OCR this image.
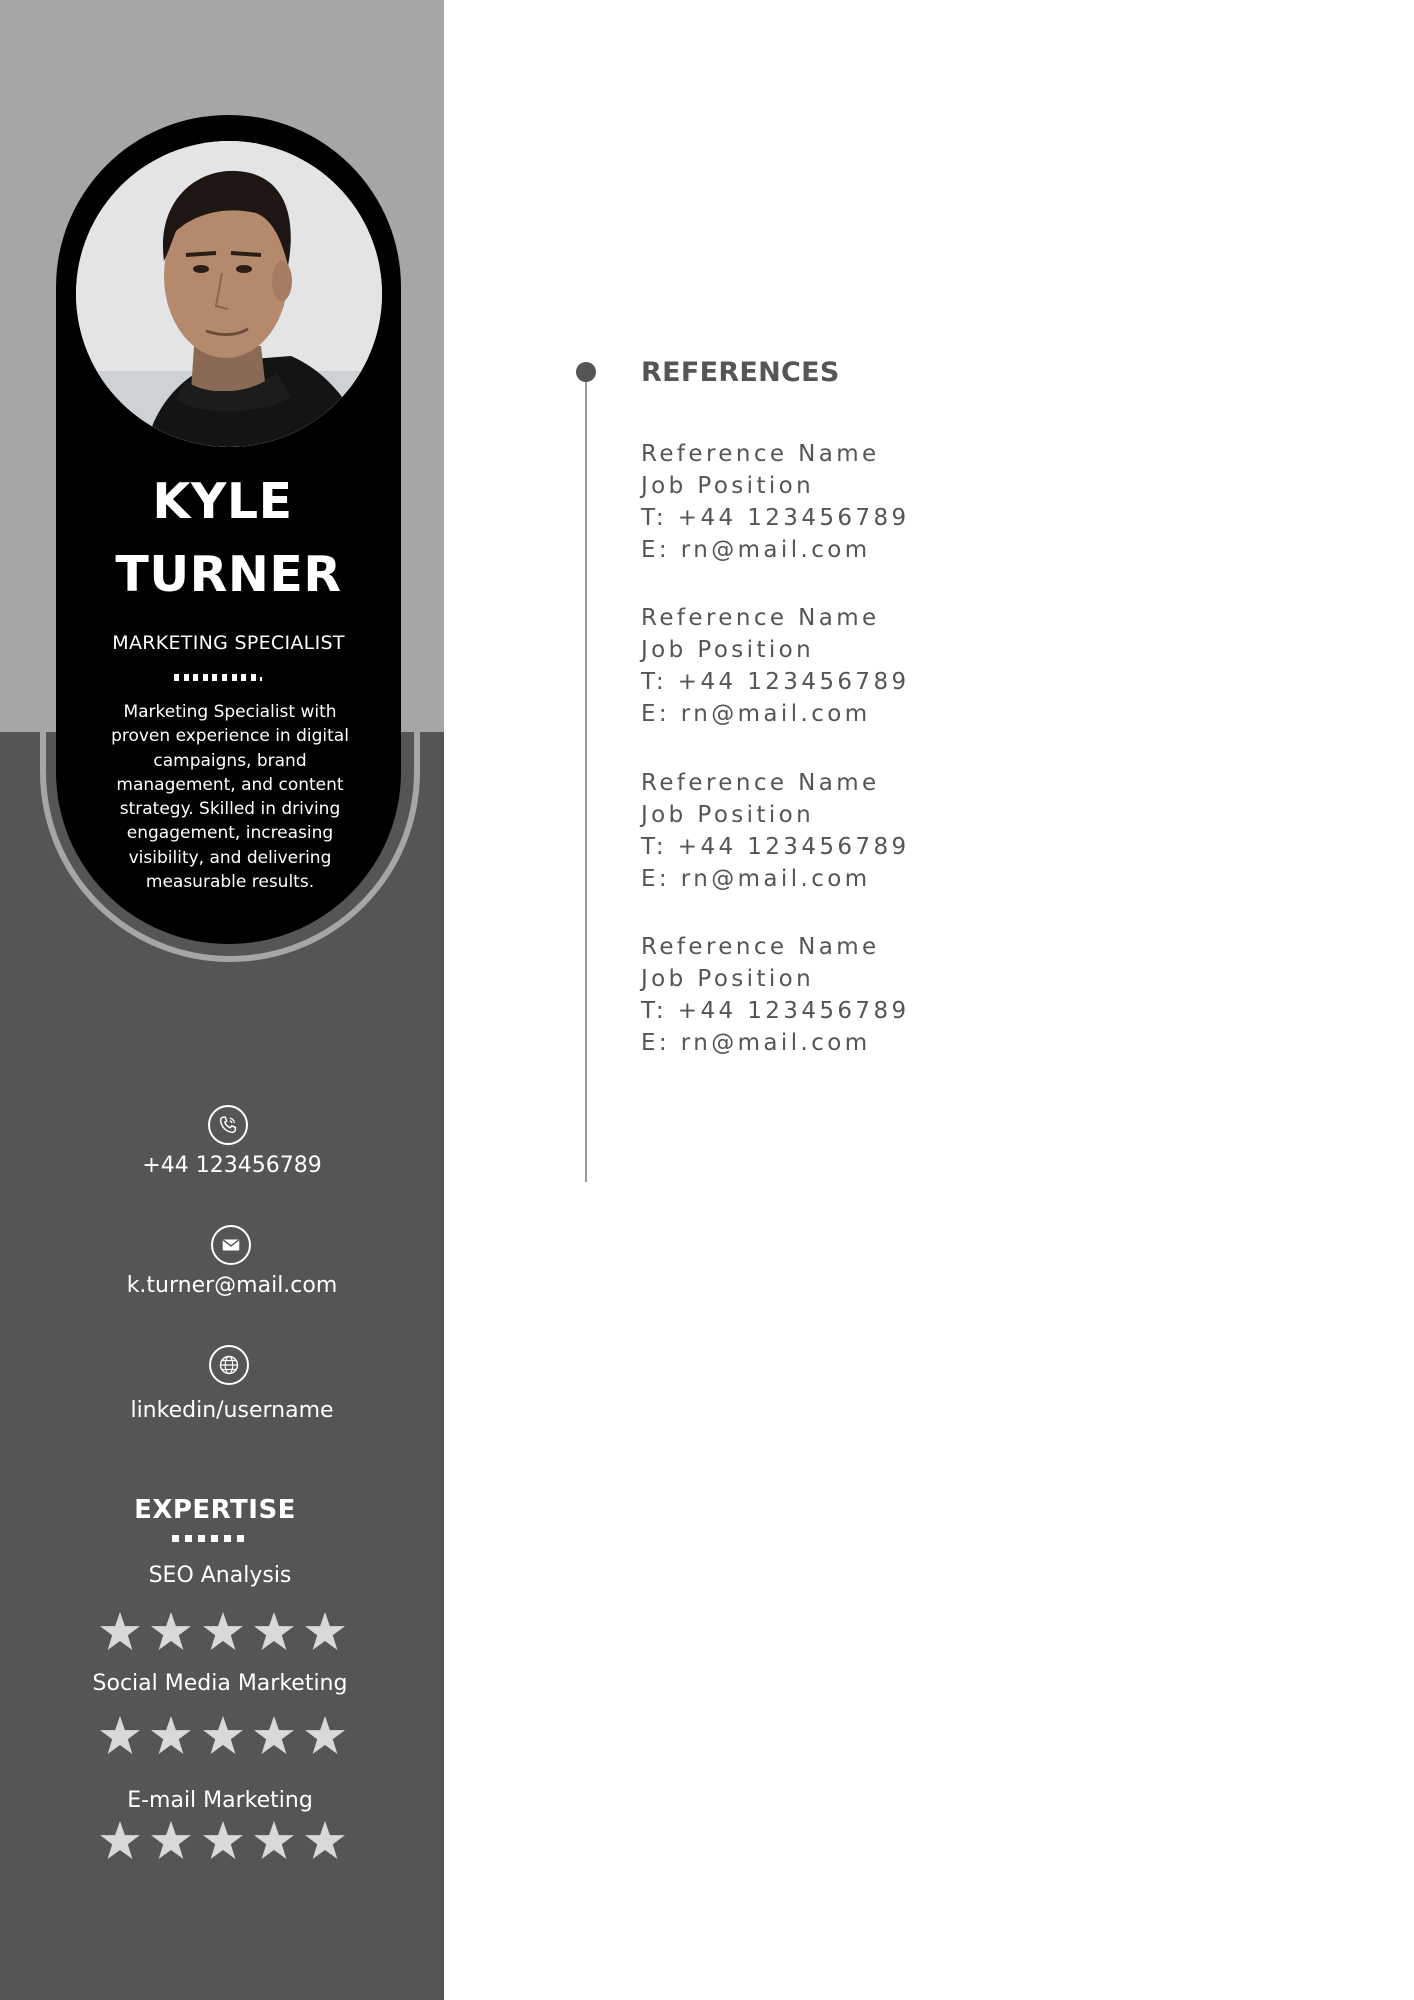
KYLE
TURNER
MARKETING SPECIALIST
Marketing Specialist with proven experience in digital campaigns, brand management, and content strategy. Skilled in driving engagement, increasing visibility, and delivering measurable results.
+44 123456789
k.turner@mail.com
linkedin/username
EXPERTISE
SEO Analysis
Social Media Marketing
E-mail Marketing
REFERENCES
Reference Name
Job Position
T: +44 123456789
E: rn@mail.com
Reference Name
Job Position
T: +44 123456789
E: rn@mail.com
Reference Name
Job Position
T: +44 123456789
E: rn@mail.com
Reference Name
Job Position
T: +44 123456789
E: rn@mail.com
